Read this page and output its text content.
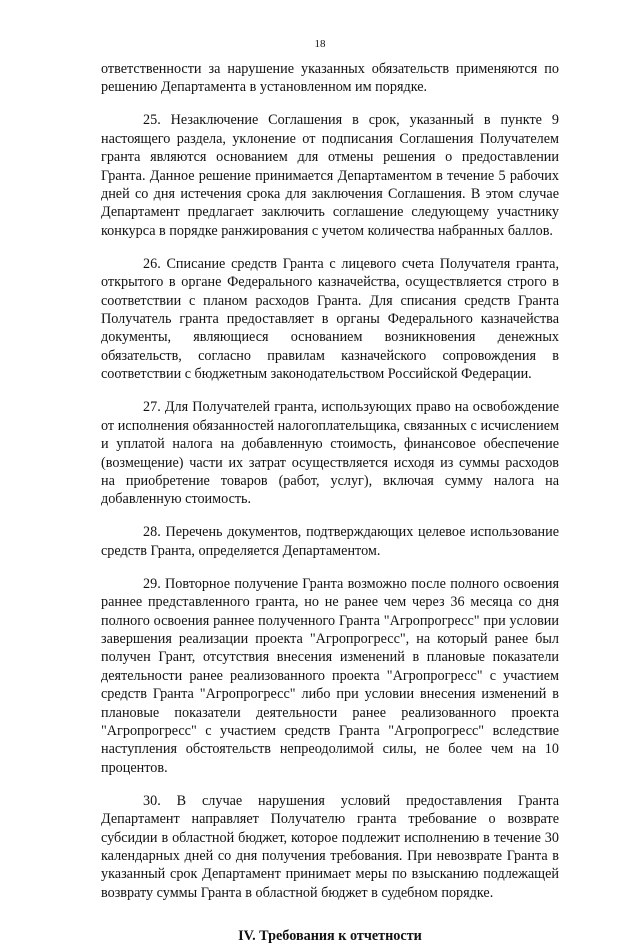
18

ответственности за нарушение указанных обязательств применяются по решению Департамента в установленном им порядке.

25. Незаключение Соглашения в срок, указанный в пункте 9 настоящего раздела, уклонение от подписания Соглашения Получателем гранта являются основанием для отмены решения о предоставлении Гранта. Данное решение принимается Департаментом в течение 5 рабочих дней со дня истечения срока для заключения Соглашения. В этом случае Департамент предлагает заключить соглашение следующему участнику конкурса в порядке ранжирования с учетом количества набранных баллов.

26. Списание средств Гранта с лицевого счета Получателя гранта, открытого в органе Федерального казначейства, осуществляется строго в соответствии с планом расходов Гранта. Для списания средств Гранта Получатель гранта предоставляет в органы Федерального казначейства документы, являющиеся основанием возникновения денежных обязательств, согласно правилам казначейского сопровождения в соответствии с бюджетным законодательством Российской Федерации.

27. Для Получателей гранта, использующих право на освобождение от исполнения обязанностей налогоплательщика, связанных с исчислением и уплатой налога на добавленную стоимость, финансовое обеспечение (возмещение) части их затрат осуществляется исходя из суммы расходов на приобретение товаров (работ, услуг), включая сумму налога на добавленную стоимость.

28. Перечень документов, подтверждающих целевое использование средств Гранта, определяется Департаментом.

29. Повторное получение Гранта возможно после полного освоения раннее представленного гранта, но не ранее чем через 36 месяца со дня полного освоения раннее полученного Гранта "Агропрогресс" при условии завершения реализации проекта "Агропрогресс", на который ранее был получен Грант, отсутствия внесения изменений в плановые показатели деятельности ранее реализованного проекта "Агропрогресс" с участием средств Гранта "Агропрогресс" либо при условии внесения изменений в плановые показатели деятельности ранее реализованного проекта "Агропрогресс" с участием средств Гранта "Агропрогресс" вследствие наступления обстоятельств непреодолимой силы, не более чем на 10 процентов.

30. В случае нарушения условий предоставления Гранта Департамент направляет Получателю гранта требование о возврате субсидии в областной бюджет, которое подлежит исполнению в течение 30 календарных дней со дня получения требования. При невозврате Гранта в указанный срок Департамент принимает меры по взысканию подлежащей возврату суммы Гранта в областной бюджет в судебном порядке.

IV. Требования к отчетности
